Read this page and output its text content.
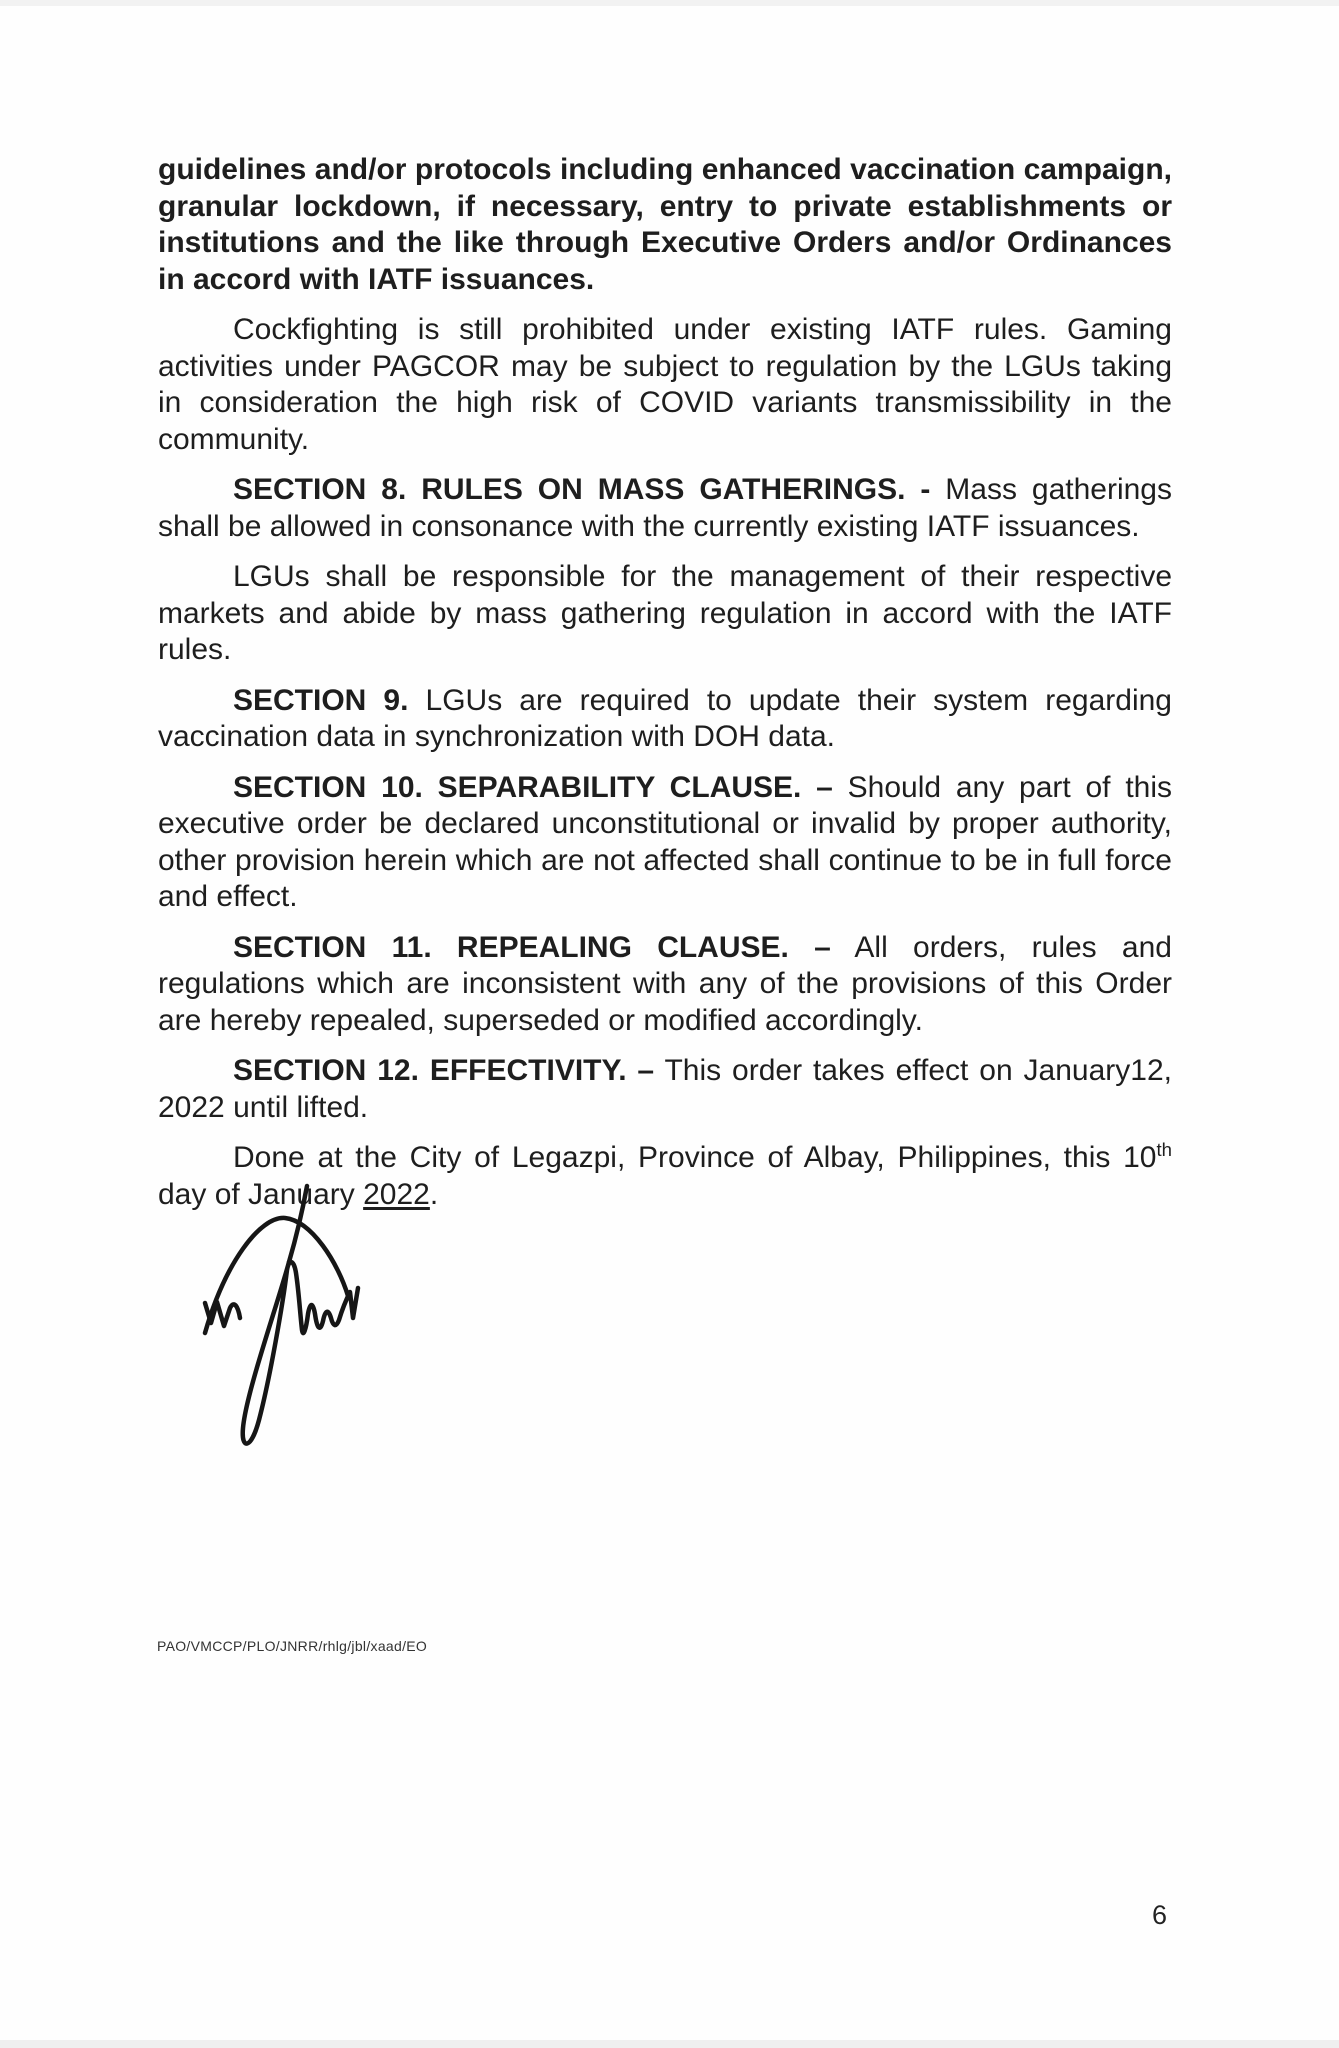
guidelines and/or protocols including enhanced vaccination campaign, granular lockdown, if necessary, entry to private establishments or institutions and the like through Executive Orders and/or Ordinances in accord with IATF issuances.

Cockfighting is still prohibited under existing IATF rules. Gaming activities under PAGCOR may be subject to regulation by the LGUs taking in consideration the high risk of COVID variants transmissibility in the community.

SECTION 8. RULES ON MASS GATHERINGS. - Mass gatherings shall be allowed in consonance with the currently existing IATF issuances.

LGUs shall be responsible for the management of their respective markets and abide by mass gathering regulation in accord with the IATF rules.

SECTION 9. LGUs are required to update their system regarding vaccination data in synchronization with DOH data.

SECTION 10. SEPARABILITY CLAUSE. – Should any part of this executive order be declared unconstitutional or invalid by proper authority, other provision herein which are not affected shall continue to be in full force and effect.

SECTION 11. REPEALING CLAUSE. – All orders, rules and regulations which are inconsistent with any of the provisions of this Order are hereby repealed, superseded or modified accordingly.

SECTION 12. EFFECTIVITY. – This order takes effect on January12, 2022 until lifted.

Done at the City of Legazpi, Province of Albay, Philippines, this 10th day of January 2022.

PAO/VMCCP/PLO/JNRR/rhlg/jbl/xaad/EO
6
